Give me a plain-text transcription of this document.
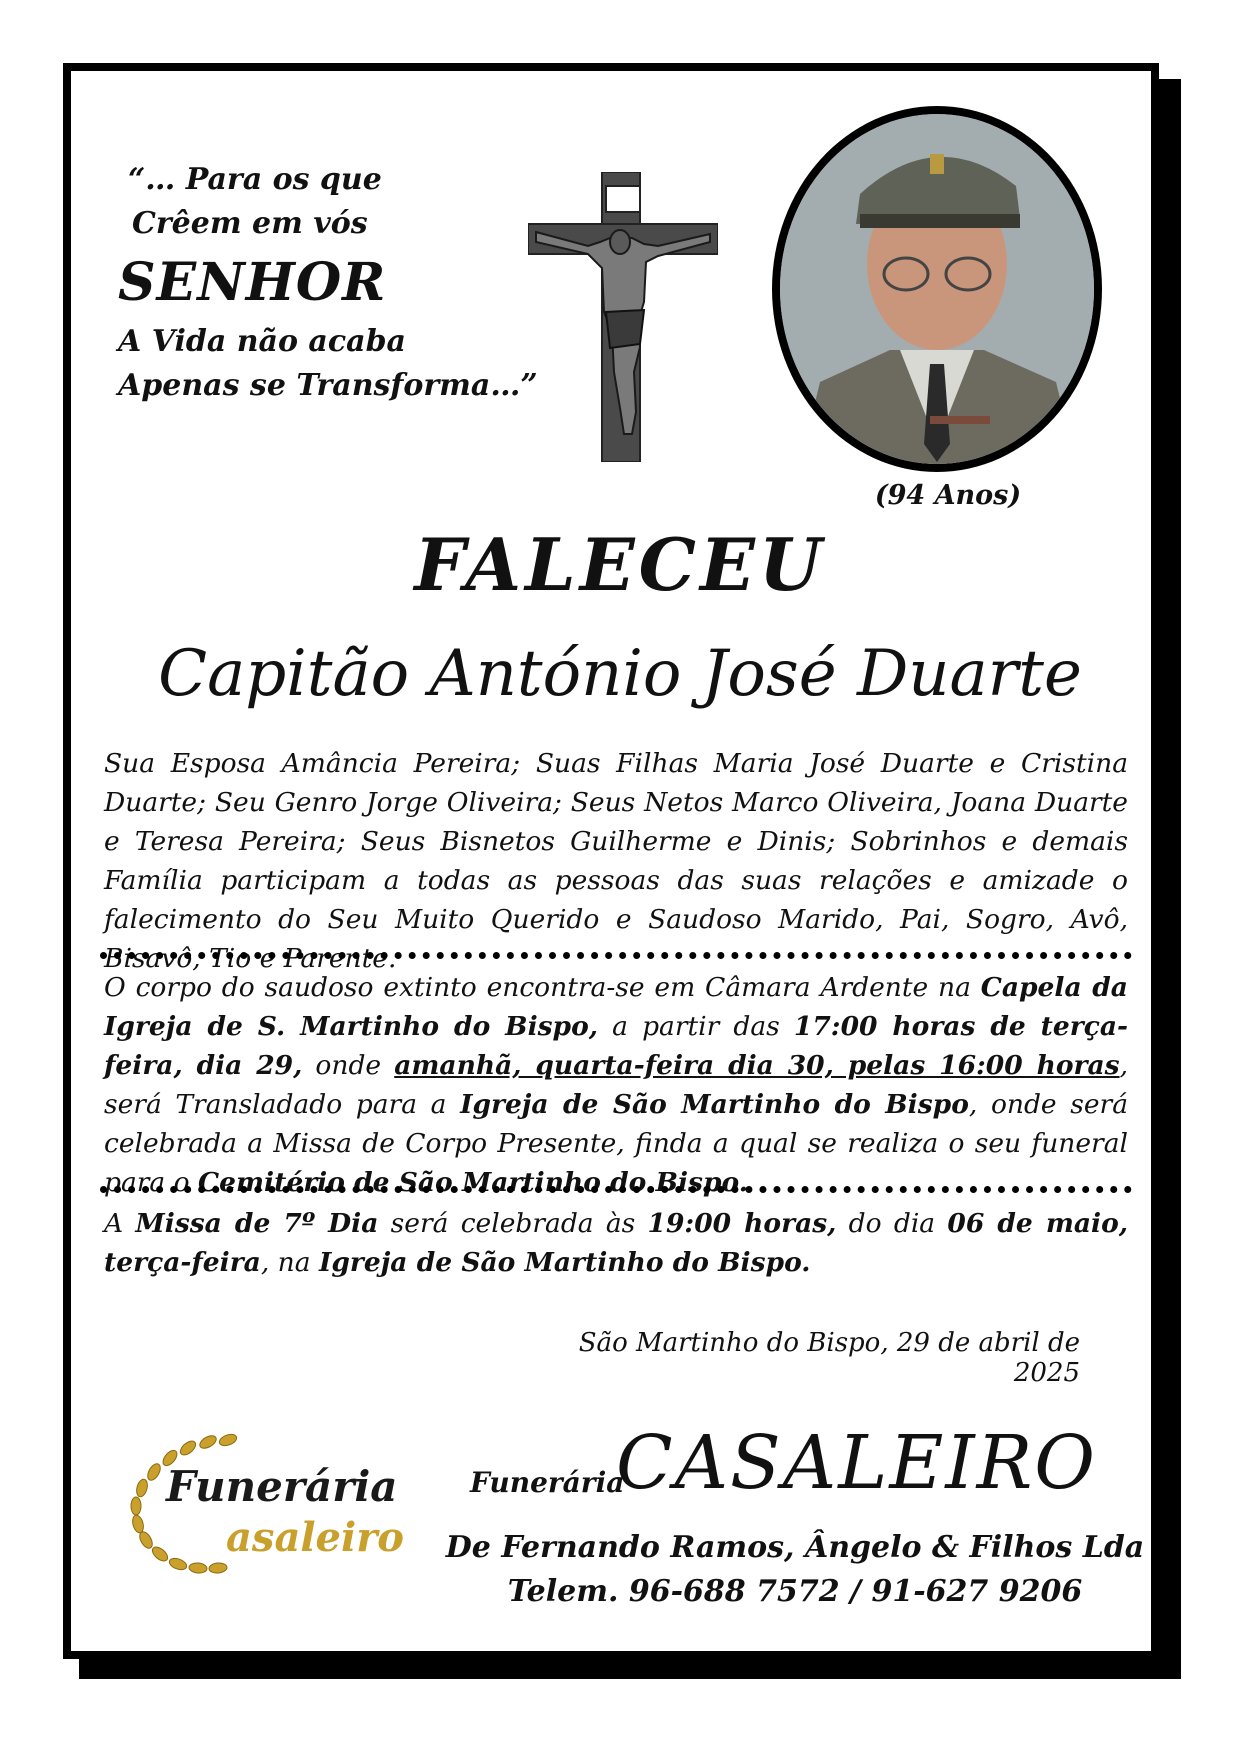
“… Para os que
Crêem em vós
SENHOR
A Vida não acaba
Apenas se Transforma…”
(94 Anos)
FALECEU
Capitão António José Duarte
Sua Esposa Amância Pereira; Suas Filhas Maria José Duarte e Cristina Duarte; Seu Genro Jorge Oliveira; Seus Netos Marco Oliveira, Joana Duarte e Teresa Pereira; Seus Bisnetos Guilherme e Dinis; Sobrinhos e demais Família participam a todas as pessoas das suas relações e amizade o falecimento do Seu Muito Querido e Saudoso Marido, Pai, Sogro, Avô, Bisavô, Tio e Parente.
O corpo do saudoso extinto encontra-se em Câmara Ardente na Capela da Igreja de S. Martinho do Bispo, a partir das 17:00 horas de terça-feira, dia 29, onde amanhã, quarta-feira dia 30, pelas 16:00 horas, será Transladado para a Igreja de São Martinho do Bispo, onde será celebrada a Missa de Corpo Presente, finda a qual se realiza o seu funeral para o Cemitério de São Martinho do Bispo.
A Missa de 7º Dia será celebrada às 19:00 horas, do dia 06 de maio, terça-feira, na Igreja de São Martinho do Bispo.
São Martinho do Bispo, 29 de abril de 2025
Funerária
asaleiro
Funerária
CASALEIRO
De Fernando Ramos, Ângelo & Filhos Lda
Telem. 96-688 7572 / 91-627 9206
